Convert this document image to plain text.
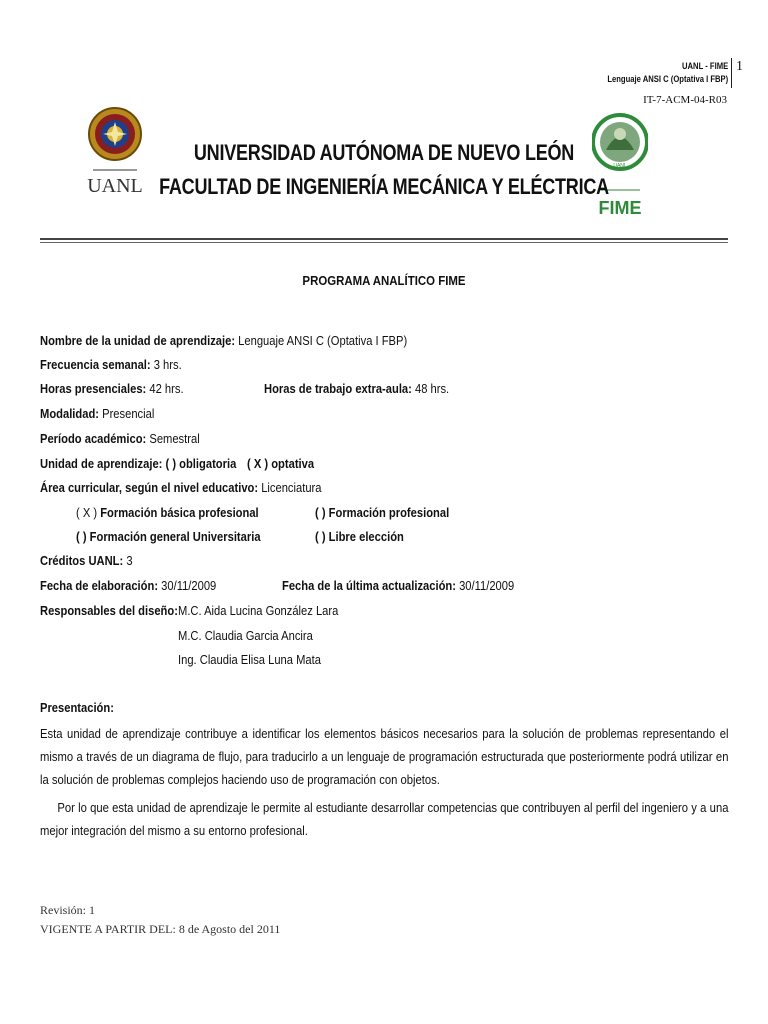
UANL - FIME
Lenguaje ANSI C (Optativa I FBP)
1
IT-7-ACM-04-R03
UANL
UANL
FIME
UNIVERSIDAD AUTÓNOMA DE NUEVO LEÓN
FACULTAD DE INGENIERÍA MECÁNICA Y ELÉCTRICA
PROGRAMA ANALÍTICO FIME
Nombre de la unidad de aprendizaje: Lenguaje ANSI C (Optativa I FBP)
Frecuencia semanal: 3 hrs.
Horas presenciales: 42 hrs.	Horas de trabajo extra-aula: 48 hrs.
Modalidad: Presencial
Período académico: Semestral
Unidad de aprendizaje: ( ) obligatoria ( X ) optativa
Área curricular, según el nivel educativo: Licenciatura
( X ) Formación básica profesional	( ) Formación profesional
( ) Formación general Universitaria	( ) Libre elección
Créditos UANL: 3
Fecha de elaboración: 30/11/2009	Fecha de la última actualización: 30/11/2009
Responsables del diseño: M.C. Aida Lucina González Lara
M.C. Claudia Garcia Ancira
Ing. Claudia Elisa Luna Mata
Presentación:
Esta unidad de aprendizaje contribuye a identificar los elementos básicos necesarios para la solución de problemas representando el mismo a través de un diagrama de flujo, para traducirlo a un lenguaje de programación estructurada que posteriormente podrá utilizar en la solución de problemas complejos haciendo uso de programación con objetos.
Por lo que esta unidad de aprendizaje le permite al estudiante desarrollar competencias que contribuyen al perfil del ingeniero y a una mejor integración del mismo a su entorno profesional.
Revisión: 1
VIGENTE A PARTIR DEL: 8 de Agosto del 2011
